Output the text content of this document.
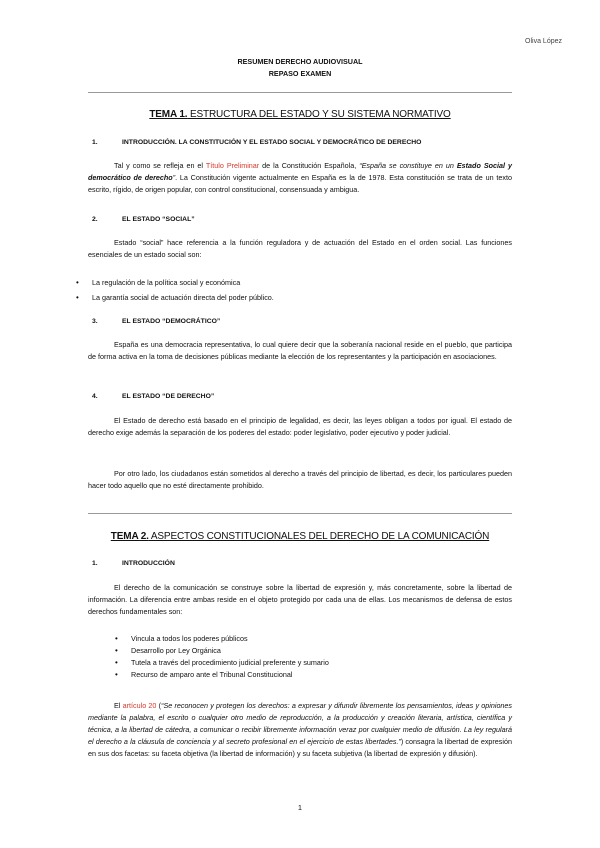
Oliva López
RESUMEN DERECHO AUDIOVISUAL
REPASO EXAMEN
TEMA 1. ESTRUCTURA DEL ESTADO Y SU SISTEMA NORMATIVO
1.	INTRODUCCIÓN. LA CONSTITUCIÓN Y EL ESTADO SOCIAL Y DEMOCRÁTICO DE DERECHO
Tal y como se refleja en el Título Preliminar de la Constitución Española, “España se constituye en un Estado Social y democrático de derecho”. La Constitución vigente actualmente en España es la de 1978. Esta constitución se trata de un texto escrito, rígido, de origen popular, con control constitucional, consensuada y ambigua.
2.	EL ESTADO “SOCIAL”
Estado “social” hace referencia a la función reguladora y de actuación del Estado en el orden social. Las funciones esenciales de un estado social son:
• La regulación de la política social y económica
• La garantía social de actuación directa del poder público.
3.	EL ESTADO “DEMOCRÁTICO”
España es una democracia representativa, lo cual quiere decir que la soberanía nacional reside en el pueblo, que participa de forma activa en la toma de decisiones públicas mediante la elección de los representantes y la participación en asociaciones.
4.	EL ESTADO “DE DERECHO”
El Estado de derecho está basado en el principio de legalidad, es decir, las leyes obligan a todos por igual. El estado de derecho exige además la separación de los poderes del estado: poder legislativo, poder ejecutivo y poder judicial.
Por otro lado, los ciudadanos están sometidos al derecho a través del principio de libertad, es decir, los particulares pueden hacer todo aquello que no esté directamente prohibido.
TEMA 2. ASPECTOS CONSTITUCIONALES DEL DERECHO DE LA COMUNICACIÓN
1.	INTRODUCCIÓN
El derecho de la comunicación se construye sobre la libertad de expresión y, más concretamente, sobre la libertad de información. La diferencia entre ambas reside en el objeto protegido por cada una de ellas. Los mecanismos de defensa de estos derechos fundamentales son:
• Vincula a todos los poderes públicos
• Desarrollo por Ley Orgánica
• Tutela a través del procedimiento judicial preferente y sumario
• Recurso de amparo ante el Tribunal Constitucional
El artículo 20 (“Se reconocen y protegen los derechos: a expresar y difundir libremente los pensamientos, ideas y opiniones mediante la palabra, el escrito o cualquier otro medio de reproducción, a la producción y creación literaria, artística, científica y técnica, a la libertad de cátedra, a comunicar o recibir libremente información veraz por cualquier medio de difusión. La ley regulará el derecho a la cláusula de conciencia y al secreto profesional en el ejercicio de estas libertades.”) consagra la libertad de expresión en sus dos facetas: su faceta objetiva (la libertad de información) y su faceta subjetiva (la libertad de expresión y difusión).
1
